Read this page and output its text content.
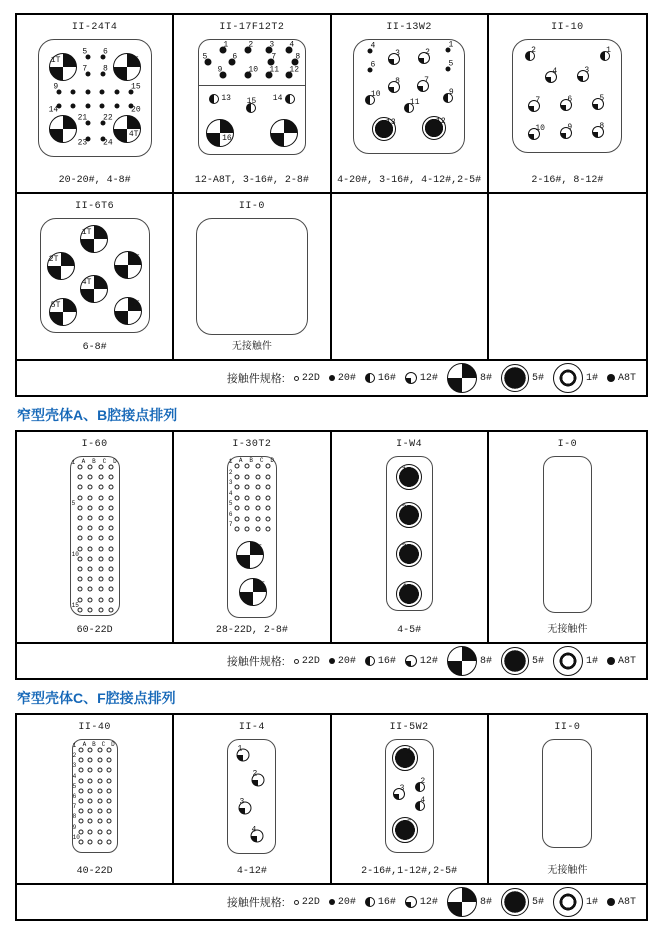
II-24T4
1T	2T
3T	4T
5 6
7 8
9	15
14	20
21 22
23 24
20-20#, 4-8#
II-17F12T2
1	2 3 4
5	6	7 8
9	10 11 12
13	14
15
16	17
12-A8T, 3-16#, 2-8#
II-13W2
4	1
3	2
6	5
8	7
10	9
11
13	12
4-20#, 3-16#, 4-12#,2-5#
II-10
2	1
4	3
7	6	5
10	9	8
2-16#, 8-12#
II-6T6
1T
2T	3T
4T
5T	6T
6-8#
II-0
无接触件
接触件规格: 22D 20# 16# 12#	8#	5#	1# A8T
窄型壳体A、B腔接点排列
I-60
A B C D
1
5
10
15
60-22D
I-30T2
A B C D
1
2
3
4
5
6
7
1T
2T
28-22D, 2-8#
I-W4
1
2
3
4
4-5#
I-0
无接触件
接触件规格: 22D 20# 16# 12#	8#	5#	1# A8T
窄型壳体C、F腔接点排列
II-40
A B C D
1
2
3
4
5
6
7
8
9
10
40-22D
II-4
1
2
3
4
4-12#
II-5W2
1
2
3
4
5
2-16#,1-12#,2-5#
II-0
无接触件
接触件规格: 22D 20# 16# 12#	8#	5#	1# A8T
